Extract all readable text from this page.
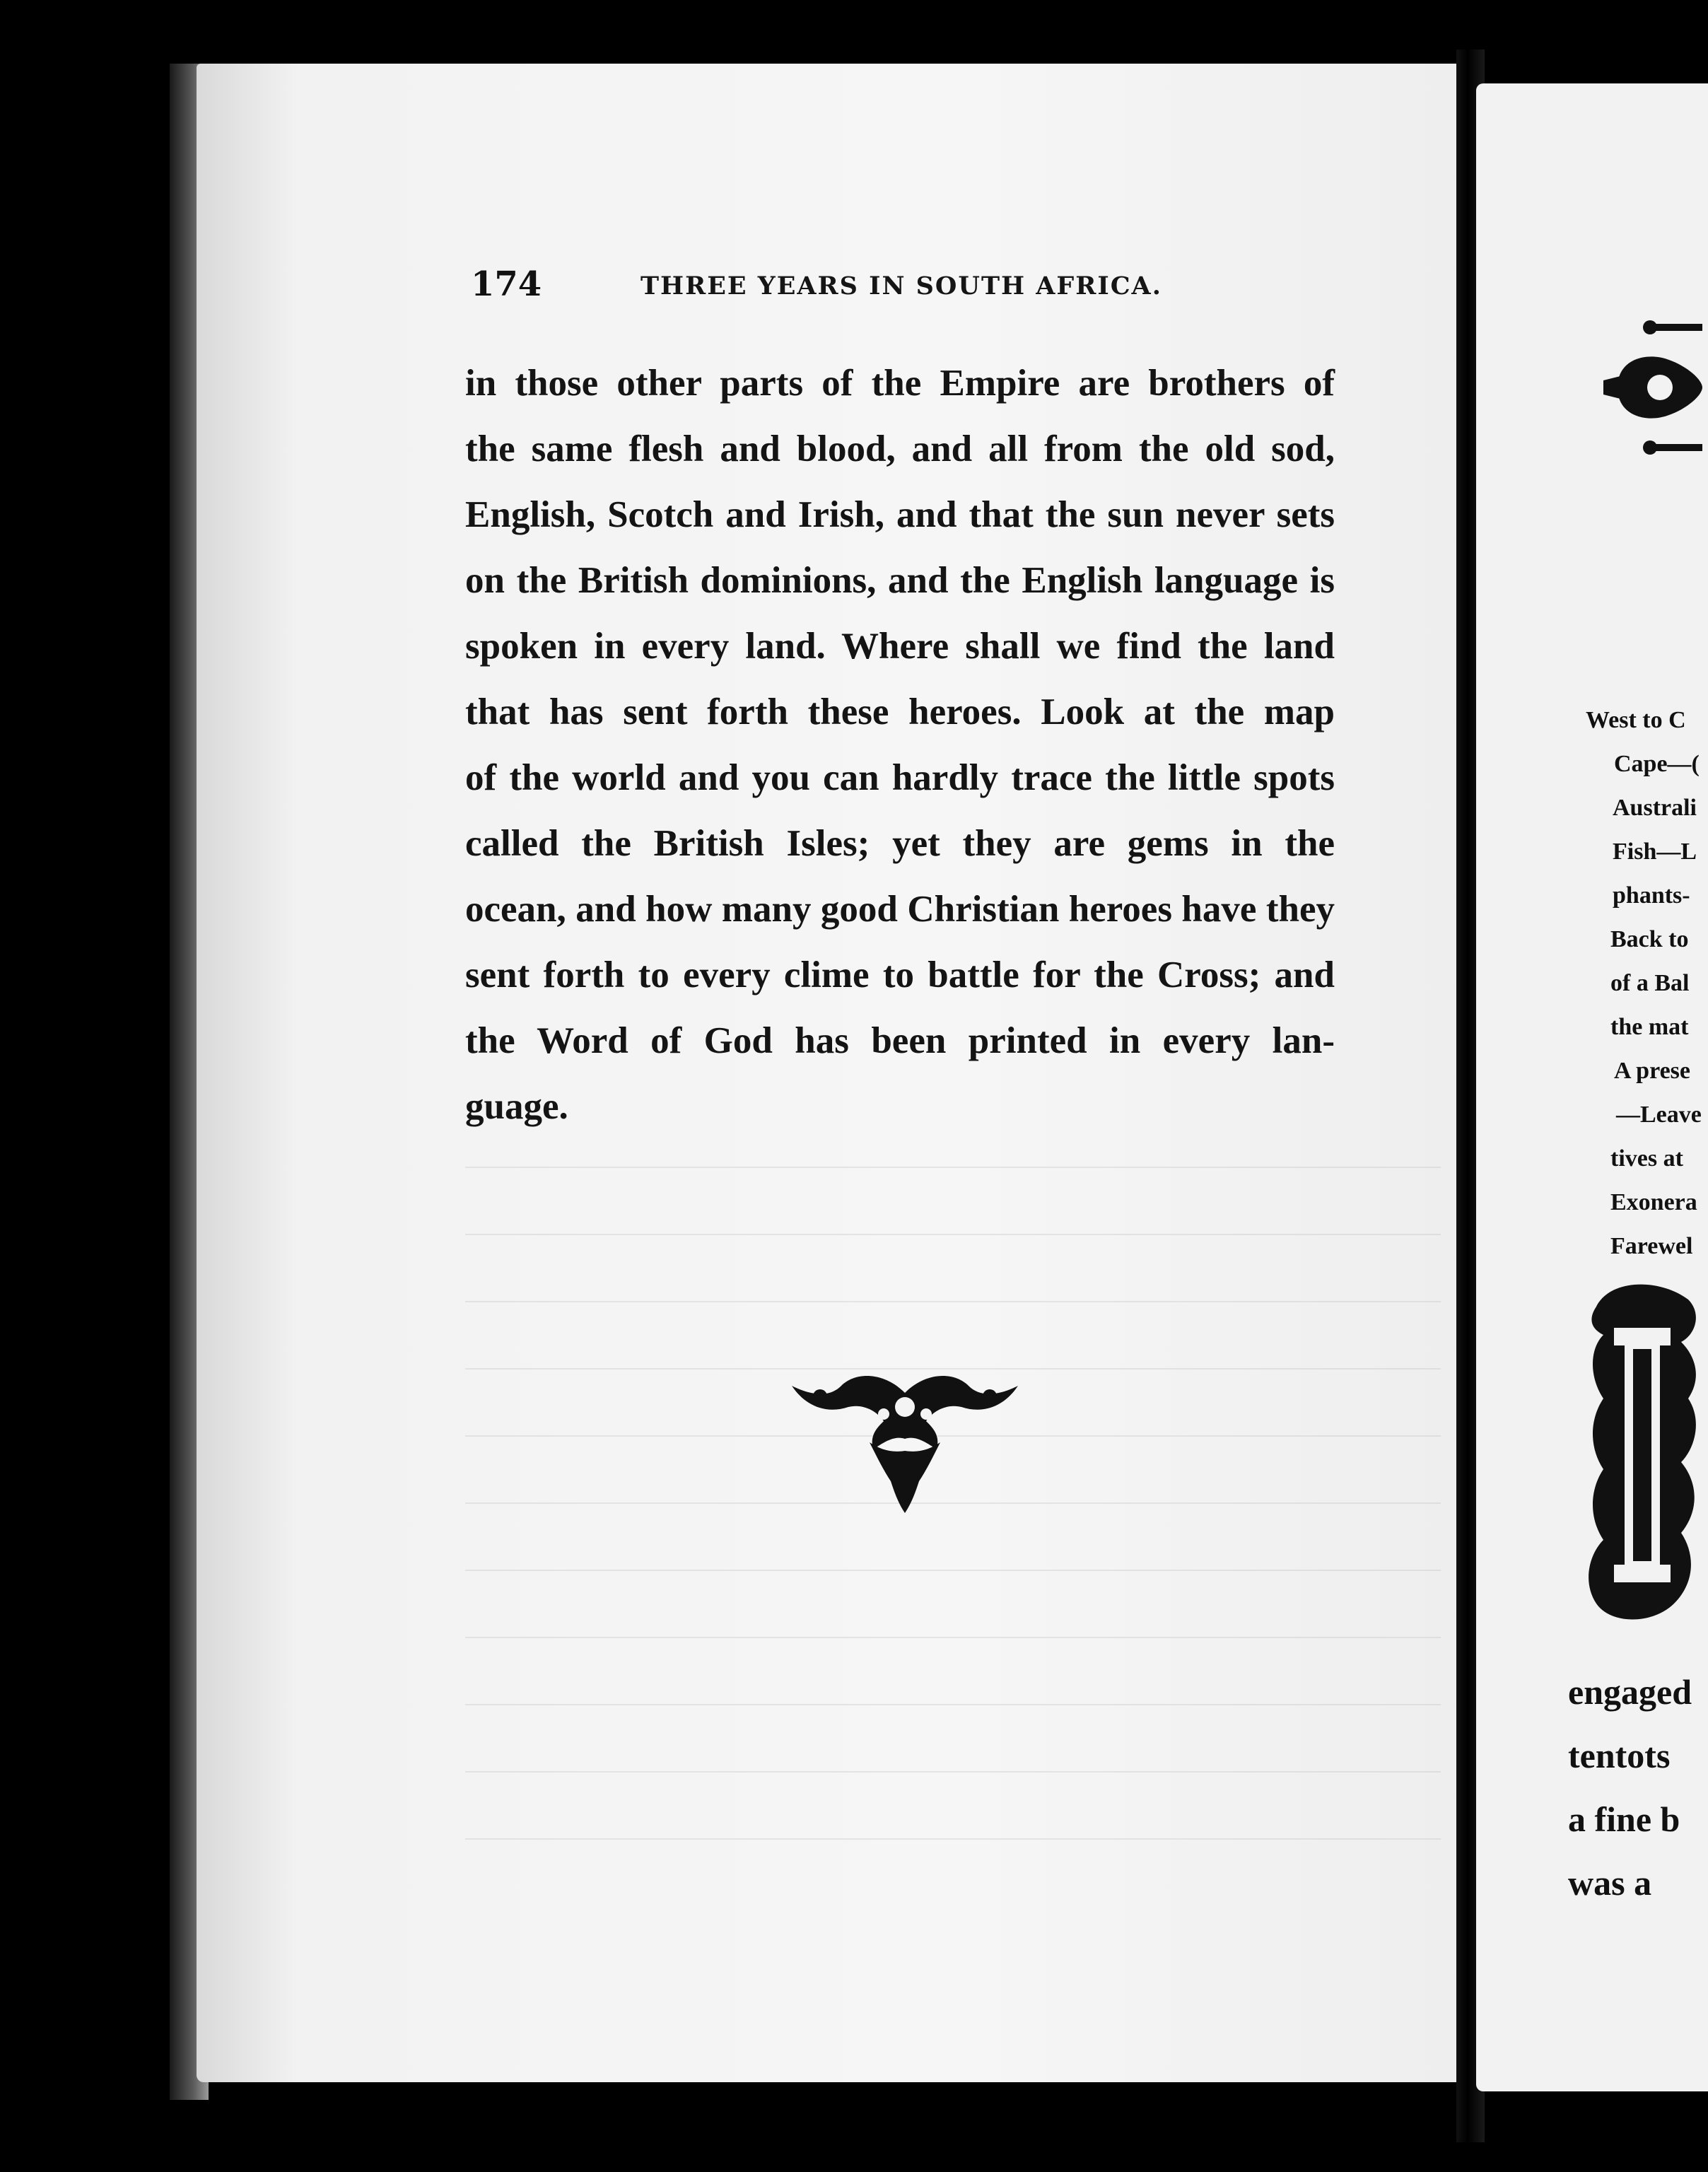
174	THREE YEARS IN SOUTH AFRICA.
in those other parts of the Empire are brothers of
the same flesh and blood, and all from the old sod,
English, Scotch and Irish, and that the sun never sets
on the British dominions, and the English language is
spoken in every land. Where shall we find the land
that has sent forth these heroes. Look at the map
of the world and you can hardly trace the little spots
called the British Isles; yet they are gems in the
ocean, and how many good Christian heroes have they
sent forth to every clime to battle for the Cross; and
the Word of God has been printed in every lan-
guage.
West to C
Cape—(
Australi
Fish—L
phants-
Back to
of a Bal
the mat
A prese
—Leave
tives at
Exonera
Farewel
engaged
tentots
a fine b
was a
